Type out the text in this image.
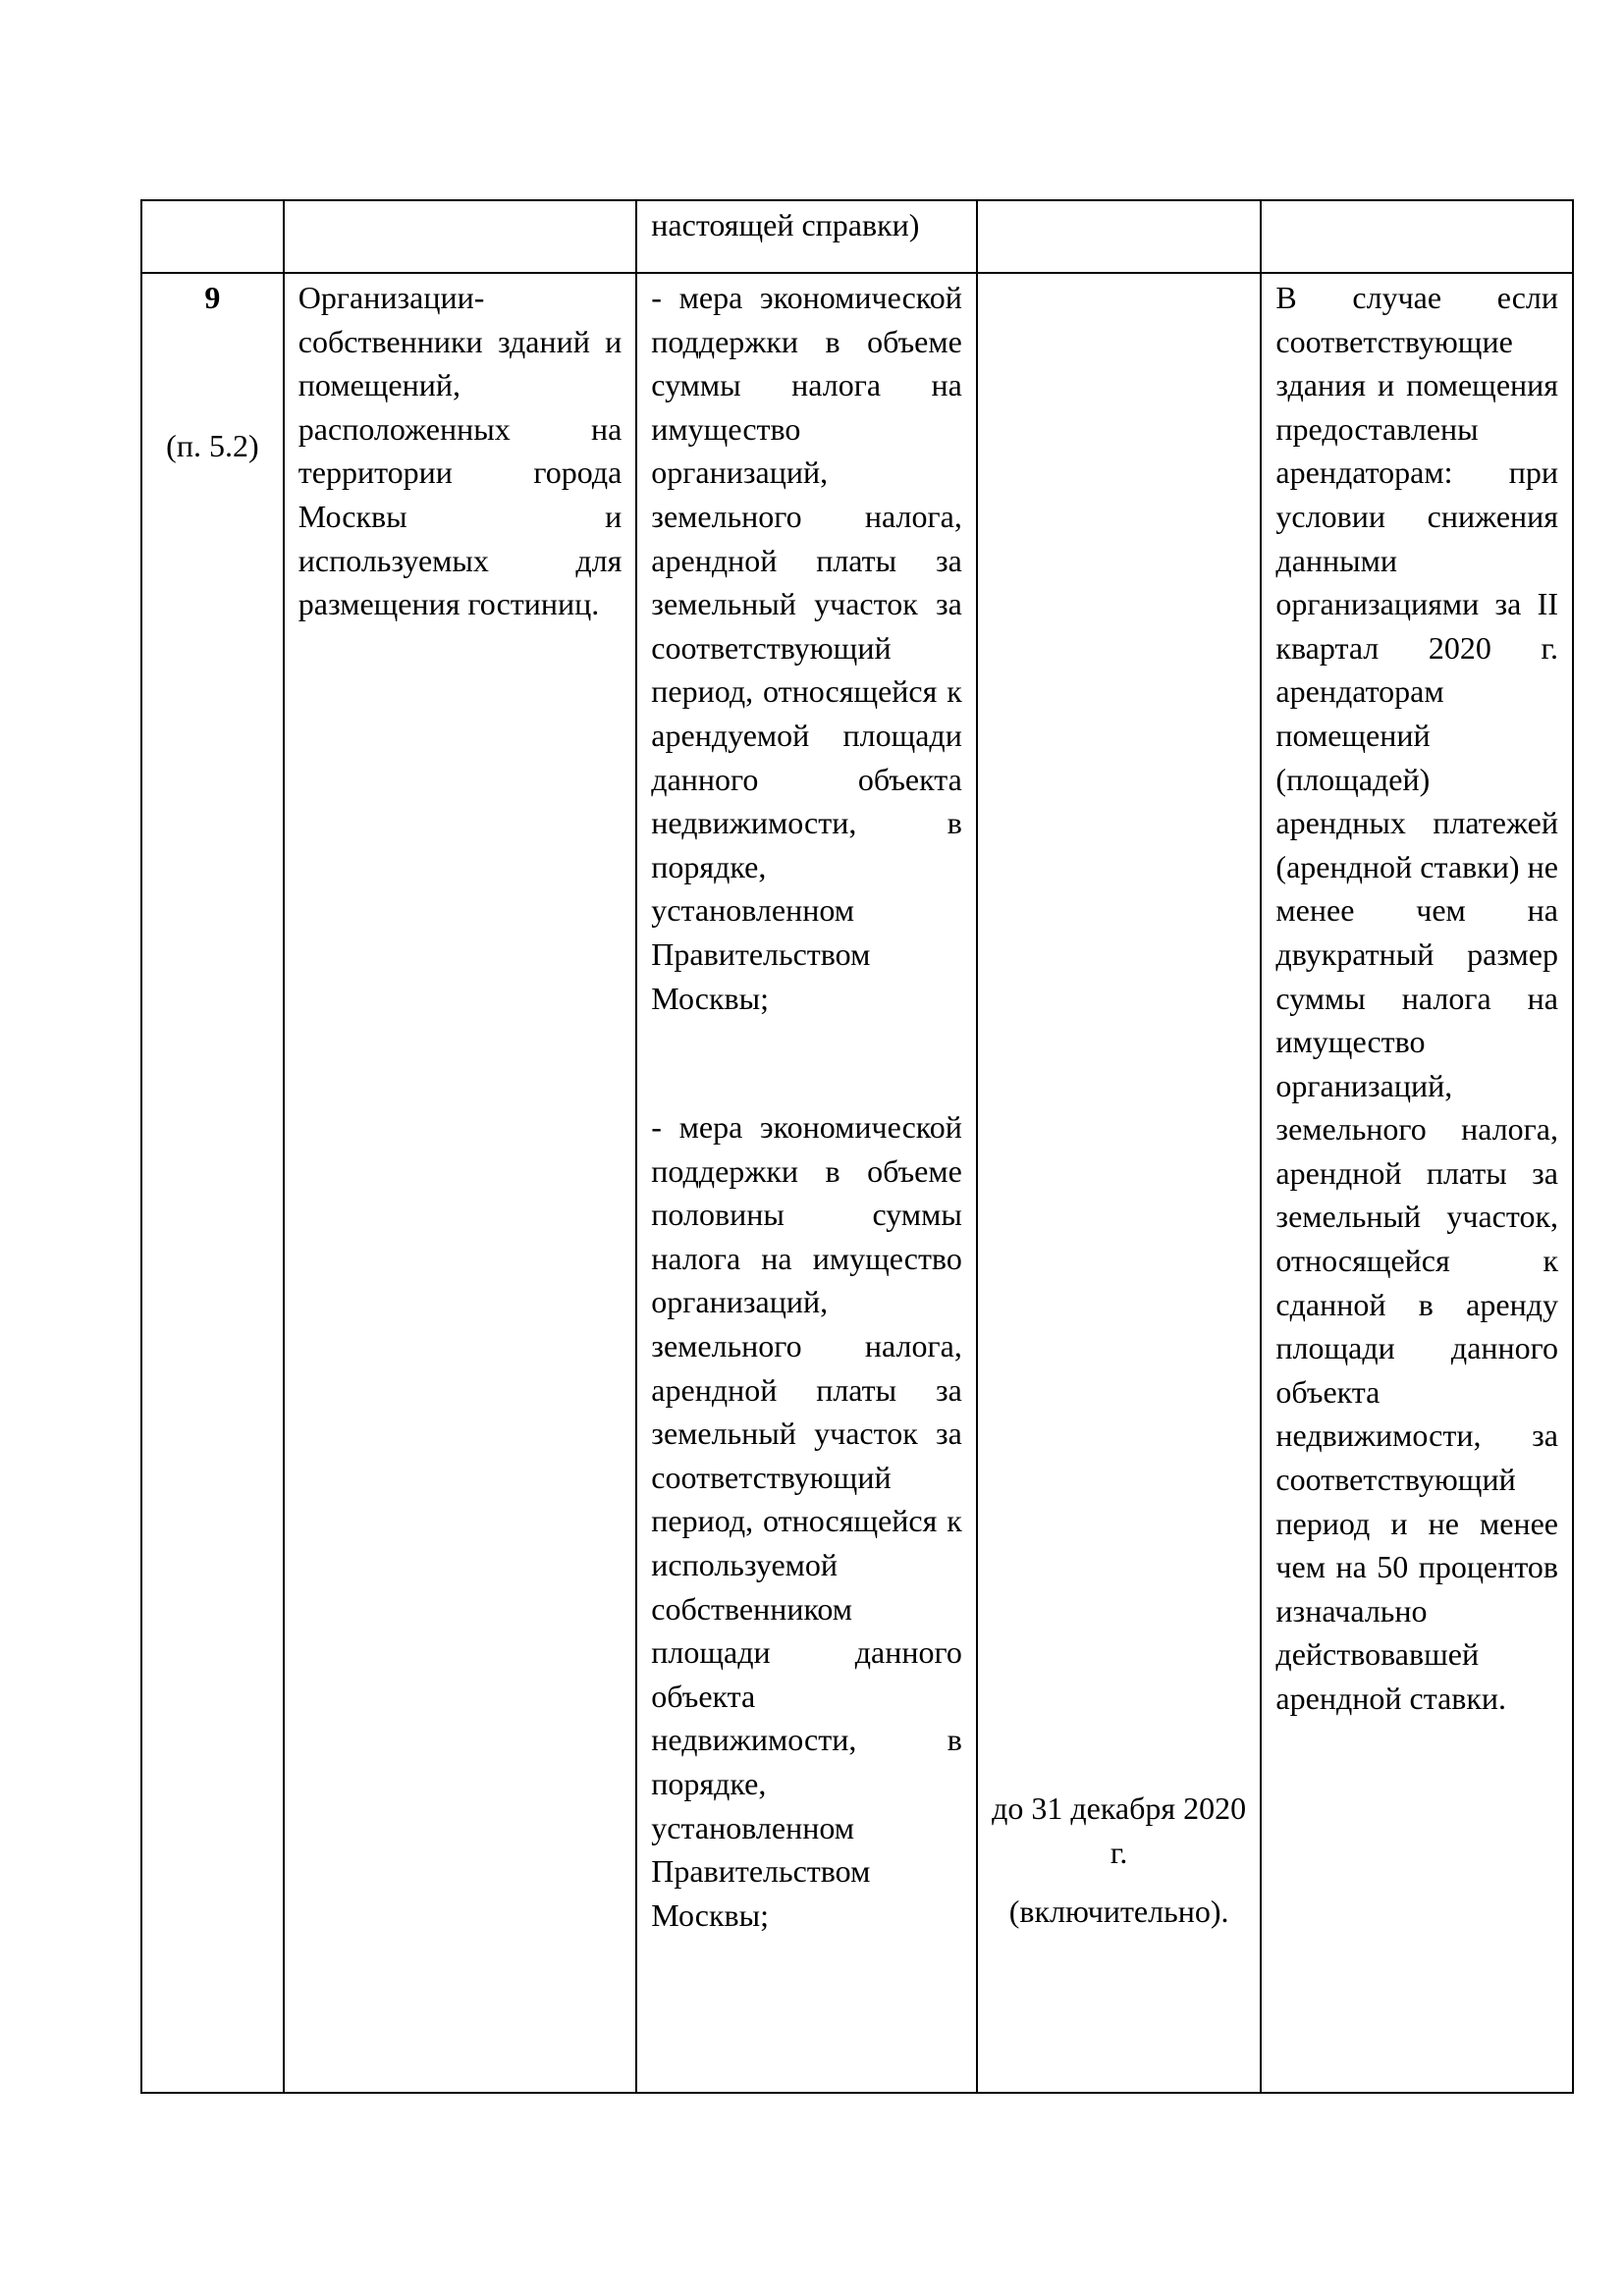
настоящей справки)
9
(п. 5.2)
Организации-собственники зданий и помещений, расположенных на территории города Москвы и используемых для размещения гостиниц.
- мера экономической поддержки в объеме суммы налога на имущество организаций, земельного налога, арендной платы за земельный участок за соответствующий период, относящейся к арендуемой площади данного объекта недвижимости, в порядке, установленном Правительством Москвы;
- мера экономической поддержки в объеме половины суммы налога на имущество организаций, земельного налога, арендной платы за земельный участок за соответствующий период, относящейся к используемой собственником площади данного объекта недвижимости, в порядке, установленном Правительством Москвы;

до 31 декабря 2020 г.

(включительно).

В случае если соответствующие здания и помещения предоставлены арендаторам: при условии снижения данными организациями за II квартал 2020 г. арендаторам помещений (площадей) арендных платежей (арендной ставки) не менее чем на двукратный размер суммы налога на имущество организаций, земельного налога, арендной платы за земельный участок, относящейся к сданной в аренду площади данного объекта недвижимости, за соответствующий период и не менее чем на 50 процентов изначально действовавшей арендной ставки.
